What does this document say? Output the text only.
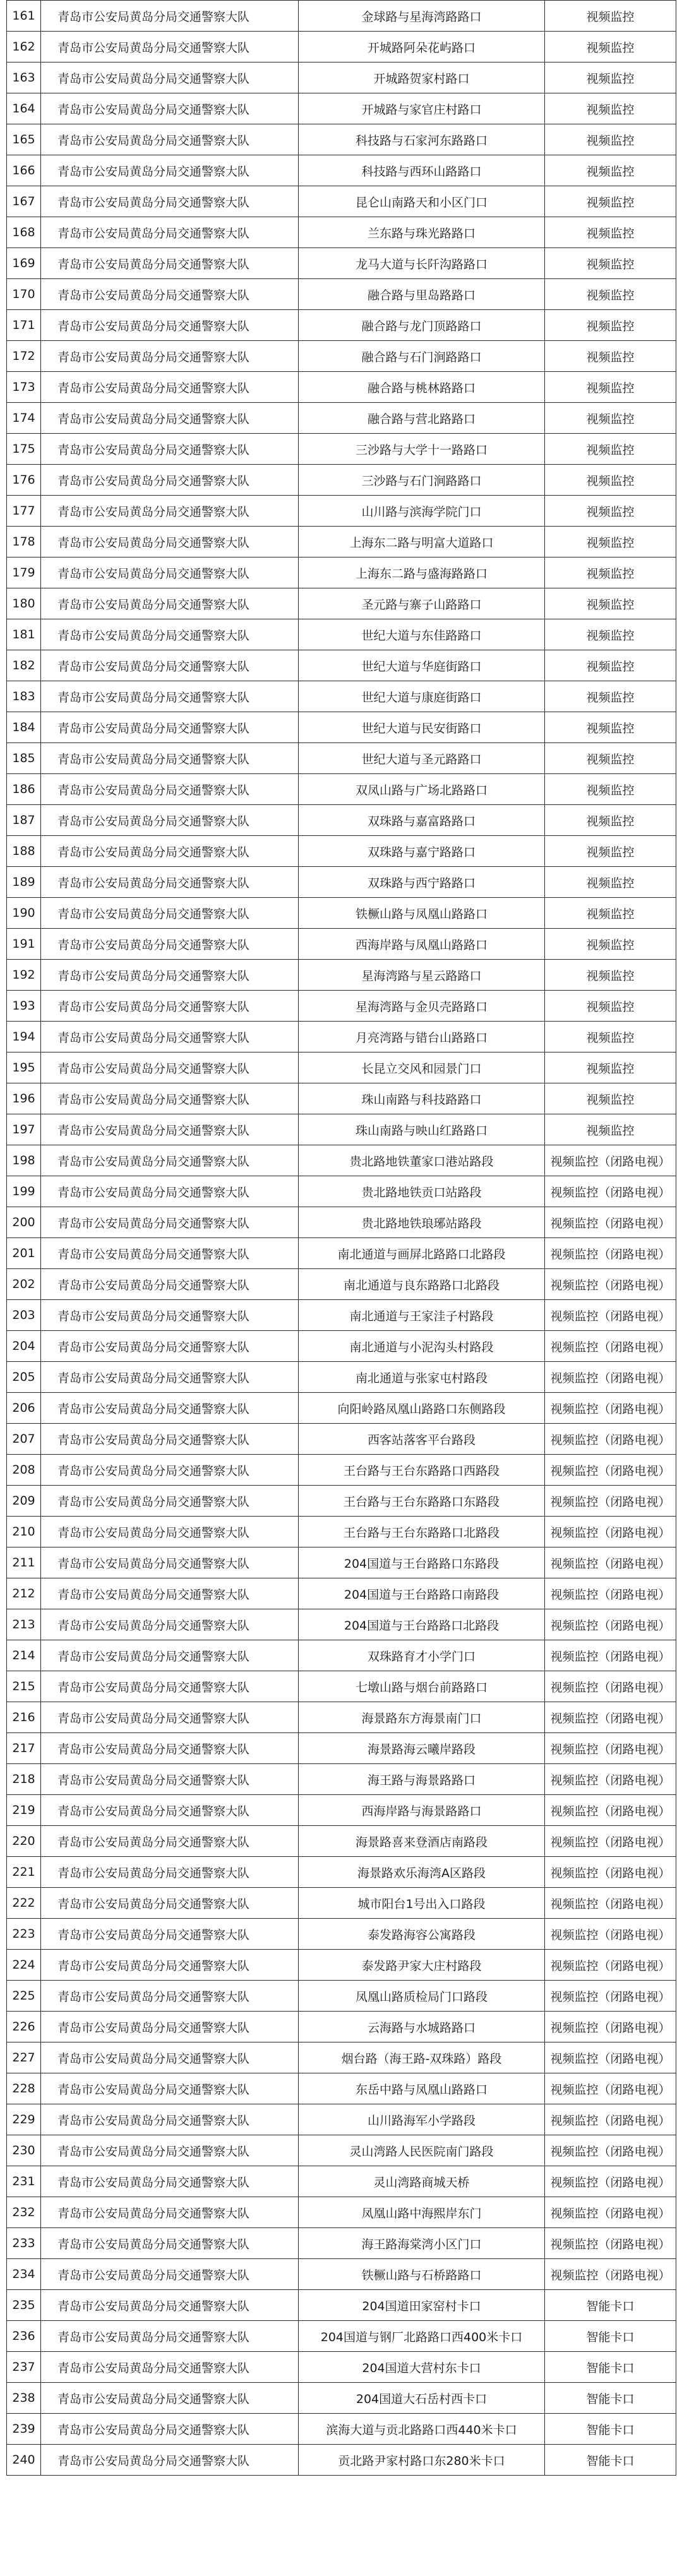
161	青岛市公安局黄岛分局交通警察大队	金球路与星海湾路路口	视频监控
162	青岛市公安局黄岛分局交通警察大队	开城路阿朵花屿路口	视频监控
163	青岛市公安局黄岛分局交通警察大队	开城路贺家村路口	视频监控
164	青岛市公安局黄岛分局交通警察大队	开城路与家官庄村路口	视频监控
165	青岛市公安局黄岛分局交通警察大队	科技路与石家河东路路口	视频监控
166	青岛市公安局黄岛分局交通警察大队	科技路与西环山路路口	视频监控
167	青岛市公安局黄岛分局交通警察大队	昆仑山南路天和小区门口	视频监控
168	青岛市公安局黄岛分局交通警察大队	兰东路与珠光路路口	视频监控
169	青岛市公安局黄岛分局交通警察大队	龙马大道与长阡沟路路口	视频监控
170	青岛市公安局黄岛分局交通警察大队	融合路与里岛路路口	视频监控
171	青岛市公安局黄岛分局交通警察大队	融合路与龙门顶路路口	视频监控
172	青岛市公安局黄岛分局交通警察大队	融合路与石门涧路路口	视频监控
173	青岛市公安局黄岛分局交通警察大队	融合路与桃林路路口	视频监控
174	青岛市公安局黄岛分局交通警察大队	融合路与营北路路口	视频监控
175	青岛市公安局黄岛分局交通警察大队	三沙路与大学十一路路口	视频监控
176	青岛市公安局黄岛分局交通警察大队	三沙路与石门涧路路口	视频监控
177	青岛市公安局黄岛分局交通警察大队	山川路与滨海学院门口	视频监控
178	青岛市公安局黄岛分局交通警察大队	上海东二路与明富大道路口	视频监控
179	青岛市公安局黄岛分局交通警察大队	上海东二路与盛海路路口	视频监控
180	青岛市公安局黄岛分局交通警察大队	圣元路与寨子山路路口	视频监控
181	青岛市公安局黄岛分局交通警察大队	世纪大道与东佳路路口	视频监控
182	青岛市公安局黄岛分局交通警察大队	世纪大道与华庭街路口	视频监控
183	青岛市公安局黄岛分局交通警察大队	世纪大道与康庭街路口	视频监控
184	青岛市公安局黄岛分局交通警察大队	世纪大道与民安街路口	视频监控
185	青岛市公安局黄岛分局交通警察大队	世纪大道与圣元路路口	视频监控
186	青岛市公安局黄岛分局交通警察大队	双凤山路与广场北路路口	视频监控
187	青岛市公安局黄岛分局交通警察大队	双珠路与嘉富路路口	视频监控
188	青岛市公安局黄岛分局交通警察大队	双珠路与嘉宁路路口	视频监控
189	青岛市公安局黄岛分局交通警察大队	双珠路与西宁路路口	视频监控
190	青岛市公安局黄岛分局交通警察大队	铁橛山路与凤凰山路路口	视频监控
191	青岛市公安局黄岛分局交通警察大队	西海岸路与凤凰山路路口	视频监控
192	青岛市公安局黄岛分局交通警察大队	星海湾路与星云路路口	视频监控
193	青岛市公安局黄岛分局交通警察大队	星海湾路与金贝壳路路口	视频监控
194	青岛市公安局黄岛分局交通警察大队	月亮湾路与错台山路路口	视频监控
195	青岛市公安局黄岛分局交通警察大队	长昆立交风和园景门口	视频监控
196	青岛市公安局黄岛分局交通警察大队	珠山南路与科技路路口	视频监控
197	青岛市公安局黄岛分局交通警察大队	珠山南路与映山红路路口	视频监控
198	青岛市公安局黄岛分局交通警察大队	贵北路地铁董家口港站路段	视频监控（闭路电视）
199	青岛市公安局黄岛分局交通警察大队	贵北路地铁贡口站路段	视频监控（闭路电视）
200	青岛市公安局黄岛分局交通警察大队	贵北路地铁琅琊站路段	视频监控（闭路电视）
201	青岛市公安局黄岛分局交通警察大队	南北通道与画屏北路路口北路段	视频监控（闭路电视）
202	青岛市公安局黄岛分局交通警察大队	南北通道与良东路路口北路段	视频监控（闭路电视）
203	青岛市公安局黄岛分局交通警察大队	南北通道与王家洼子村路段	视频监控（闭路电视）
204	青岛市公安局黄岛分局交通警察大队	南北通道与小泥沟头村路段	视频监控（闭路电视）
205	青岛市公安局黄岛分局交通警察大队	南北通道与张家屯村路段	视频监控（闭路电视）
206	青岛市公安局黄岛分局交通警察大队	向阳岭路凤凰山路路口东侧路段	视频监控（闭路电视）
207	青岛市公安局黄岛分局交通警察大队	西客站落客平台路段	视频监控（闭路电视）
208	青岛市公安局黄岛分局交通警察大队	王台路与王台东路路口西路段	视频监控（闭路电视）
209	青岛市公安局黄岛分局交通警察大队	王台路与王台东路路口东路段	视频监控（闭路电视）
210	青岛市公安局黄岛分局交通警察大队	王台路与王台东路路口北路段	视频监控（闭路电视）
211	青岛市公安局黄岛分局交通警察大队	204国道与王台路路口东路段	视频监控（闭路电视）
212	青岛市公安局黄岛分局交通警察大队	204国道与王台路路口南路段	视频监控（闭路电视）
213	青岛市公安局黄岛分局交通警察大队	204国道与王台路路口北路段	视频监控（闭路电视）
214	青岛市公安局黄岛分局交通警察大队	双珠路育才小学门口	视频监控（闭路电视）
215	青岛市公安局黄岛分局交通警察大队	七墩山路与烟台前路路口	视频监控（闭路电视）
216	青岛市公安局黄岛分局交通警察大队	海景路东方海景南门口	视频监控（闭路电视）
217	青岛市公安局黄岛分局交通警察大队	海景路海云曦岸路段	视频监控（闭路电视）
218	青岛市公安局黄岛分局交通警察大队	海王路与海景路路口	视频监控（闭路电视）
219	青岛市公安局黄岛分局交通警察大队	西海岸路与海景路路口	视频监控（闭路电视）
220	青岛市公安局黄岛分局交通警察大队	海景路喜来登酒店南路段	视频监控（闭路电视）
221	青岛市公安局黄岛分局交通警察大队	海景路欢乐海湾A区路段	视频监控（闭路电视）
222	青岛市公安局黄岛分局交通警察大队	城市阳台1号出入口路段	视频监控（闭路电视）
223	青岛市公安局黄岛分局交通警察大队	泰发路海容公寓路段	视频监控（闭路电视）
224	青岛市公安局黄岛分局交通警察大队	泰发路尹家大庄村路段	视频监控（闭路电视）
225	青岛市公安局黄岛分局交通警察大队	凤凰山路质检局门口路段	视频监控（闭路电视）
226	青岛市公安局黄岛分局交通警察大队	云海路与水城路路口	视频监控（闭路电视）
227	青岛市公安局黄岛分局交通警察大队	烟台路（海王路-双珠路）路段	视频监控（闭路电视）
228	青岛市公安局黄岛分局交通警察大队	东岳中路与凤凰山路路口	视频监控（闭路电视）
229	青岛市公安局黄岛分局交通警察大队	山川路海军小学路段	视频监控（闭路电视）
230	青岛市公安局黄岛分局交通警察大队	灵山湾路人民医院南门路段	视频监控（闭路电视）
231	青岛市公安局黄岛分局交通警察大队	灵山湾路商城天桥	视频监控（闭路电视）
232	青岛市公安局黄岛分局交通警察大队	凤凰山路中海熙岸东门	视频监控（闭路电视）
233	青岛市公安局黄岛分局交通警察大队	海王路海棠湾小区门口	视频监控（闭路电视）
234	青岛市公安局黄岛分局交通警察大队	铁橛山路与石桥路路口	视频监控（闭路电视）
235	青岛市公安局黄岛分局交通警察大队	204国道田家窑村卡口	智能卡口
236	青岛市公安局黄岛分局交通警察大队	204国道与钢厂北路路口西400米卡口	智能卡口
237	青岛市公安局黄岛分局交通警察大队	204国道大营村东卡口	智能卡口
238	青岛市公安局黄岛分局交通警察大队	204国道大石岳村西卡口	智能卡口
239	青岛市公安局黄岛分局交通警察大队	滨海大道与贡北路路口西440米卡口	智能卡口
240	青岛市公安局黄岛分局交通警察大队	贡北路尹家村路口东280米卡口	智能卡口
